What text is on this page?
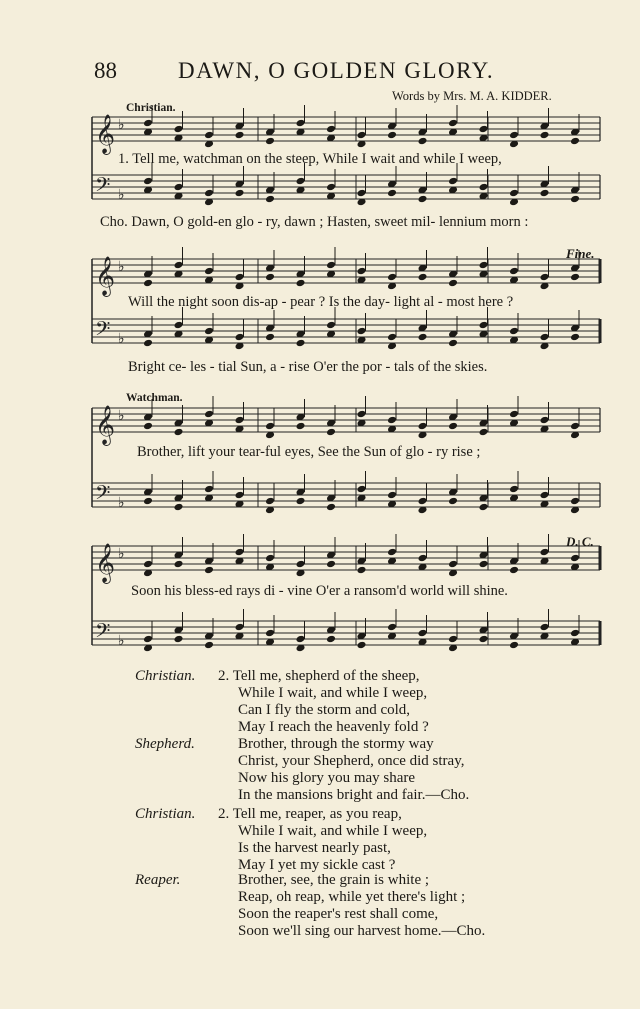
88	DAWN, O GOLDEN GLORY.
Words by Mrs. M. A. KIDDER.
𝄞 ♭
𝄢 ♭
𝄞 ♭
𝄢 ♭
𝄞 ♭
𝄢 ♭
𝄞 ♭
𝄢 ♭
Christian.
Watchman.
Fine.
D. C.
1. Tell me, watchman on the steep, While I wait and while I weep,
Cho. Dawn, O gold-en glo - ry, dawn ; Hasten, sweet mil- lennium morn :
Will the night soon dis-ap - pear ? Is the day- light al - most here ?
Bright ce- les - tial Sun, a - rise O'er the por - tals of the skies.
Brother, lift your tear-ful eyes, See the Sun of glo - ry rise ;
Soon his bless-ed rays di - vine O'er a ransom'd world will shine.
Christian. 2. Tell me, shepherd of the sheep,
While I wait, and while I weep,
Can I fly the storm and cold,
May I reach the heavenly fold ?
Shepherd.	Brother, through the stormy way
Christ, your Shepherd, once did stray,
Now his glory you may share
In the mansions bright and fair.—Cho.
Christian. 2. Tell me, reaper, as you reap,
While I wait, and while I weep,
Is the harvest nearly past,
May I yet my sickle cast ?
Reaper.	Brother, see, the grain is white ;
Reap, oh reap, while yet there's light ;
Soon the reaper's rest shall come,
Soon we'll sing our harvest home.—Cho.
